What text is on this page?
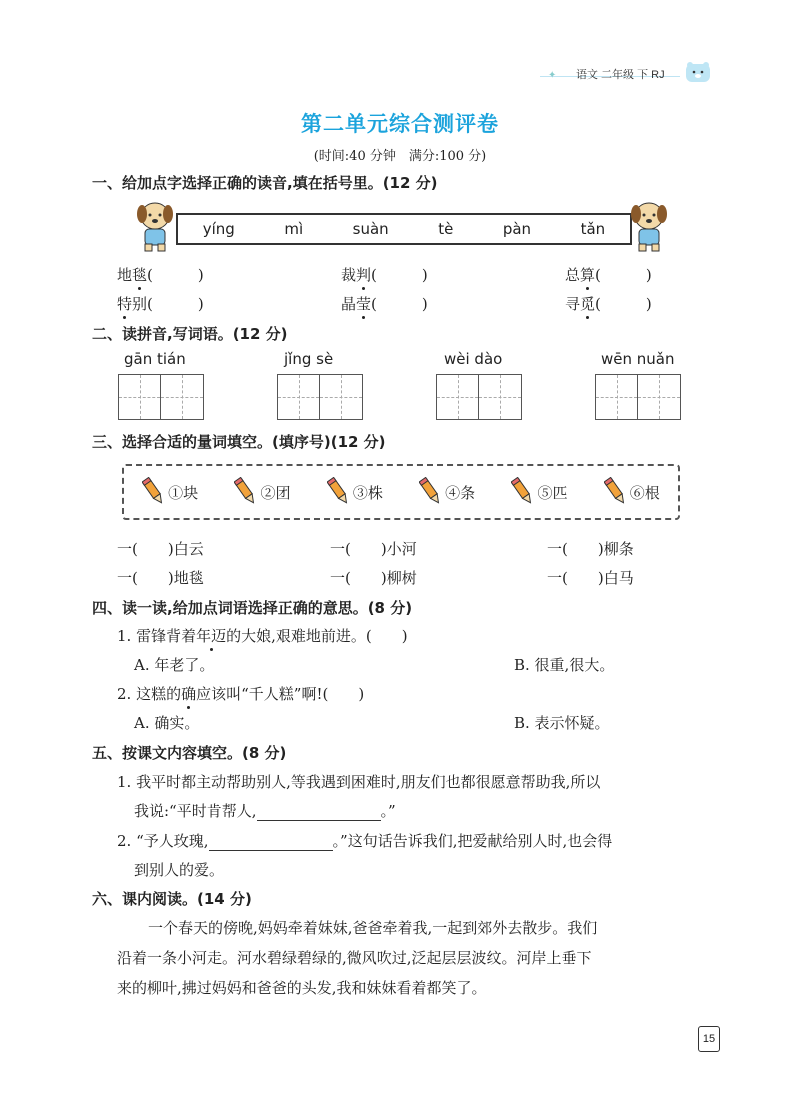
✦ 语文 二年级 下 RJ
第二单元综合测评卷
(时间:40 分钟　满分:100 分)
一、给加点字选择正确的读音,填在括号里。(12 分)
yíng	mì	suàn	tè	pàn	tǎn
地毯(　　　)	裁判(　　　)	总算(　　　)
特别(　　　)	晶莹(　　　)	寻觅(　　　)
二、读拼音,写词语。(12 分)
gān tián	jǐng sè	wèi dào	wēn nuǎn
三、选择合适的量词填空。(填序号)(12 分)
①块	②团	③株	④条	⑤匹	⑥根
一(　　)白云	一(　　)小河	一(　　)柳条
一(　　)地毯	一(　　)柳树	一(　　)白马
四、读一读,给加点词语选择正确的意思。(8 分)
1. 雷锋背着年迈的大娘,艰难地前进。(　　)
A. 年老了。	B. 很重,很大。
2. 这糕的确应该叫“千人糕”啊!(　　)
A. 确实。	B. 表示怀疑。
五、按课文内容填空。(8 分)
1. 我平时都主动帮助别人,等我遇到困难时,朋友们也都很愿意帮助我,所以
我说:“平时肯帮人,	。”
2. “予人玫瑰,	。”这句话告诉我们,把爱献给别人时,也会得
到别人的爱。
六、课内阅读。(14 分)
一个春天的傍晚,妈妈牵着妹妹,爸爸牵着我,一起到郊外去散步。我们
沿着一条小河走。河水碧绿碧绿的,微风吹过,泛起层层波纹。河岸上垂下
来的柳叶,拂过妈妈和爸爸的头发,我和妹妹看着都笑了。
15
